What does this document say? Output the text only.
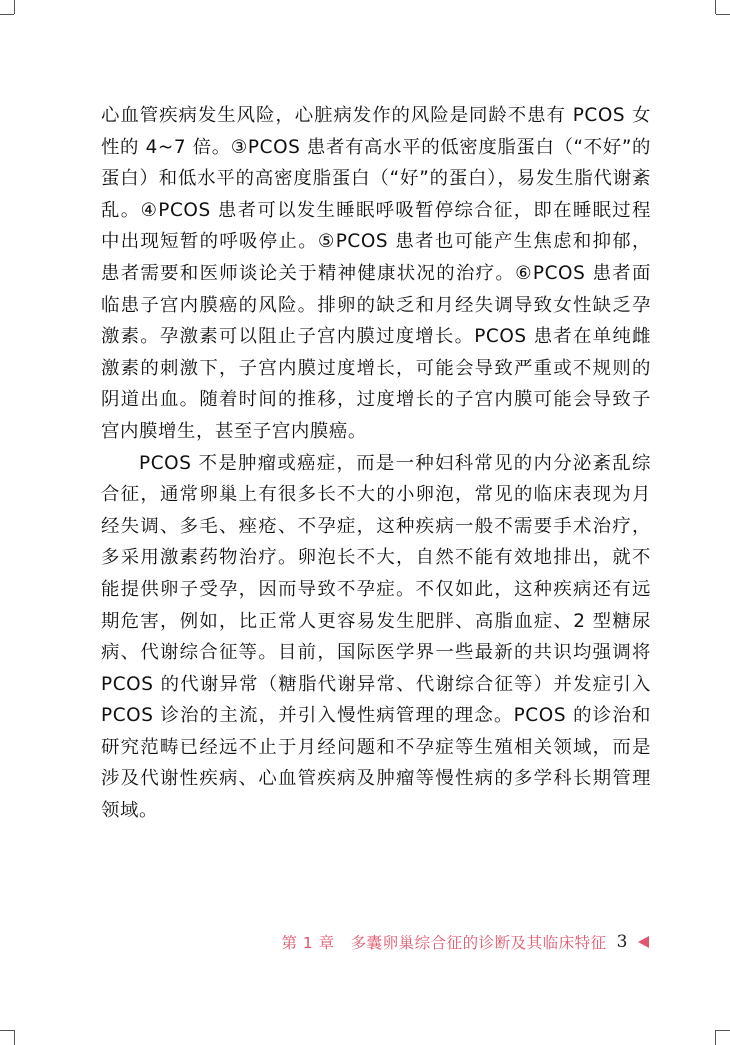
心血管疾病发生风险，心脏病发作的风险是同龄不患有 PCOS 女性的 4~7 倍。③PCOS 患者有高水平的低密度脂蛋白（“不好”的蛋白）和低水平的高密度脂蛋白（“好”的蛋白），易发生脂代谢紊乱。④PCOS 患者可以发生睡眠呼吸暂停综合征，即在睡眠过程中出现短暂的呼吸停止。⑤PCOS 患者也可能产生焦虑和抑郁，患者需要和医师谈论关于精神健康状况的治疗。⑥PCOS 患者面临患子宫内膜癌的风险。排卵的缺乏和月经失调导致女性缺乏孕激素。孕激素可以阻止子宫内膜过度增长。PCOS 患者在单纯雌激素的刺激下，子宫内膜过度增长，可能会导致严重或不规则的阴道出血。随着时间的推移，过度增长的子宫内膜可能会导致子宫内膜增生，甚至子宫内膜癌。

PCOS 不是肿瘤或癌症，而是一种妇科常见的内分泌紊乱综合征，通常卵巢上有很多长不大的小卵泡，常见的临床表现为月经失调、多毛、痤疮、不孕症，这种疾病一般不需要手术治疗，多采用激素药物治疗。卵泡长不大，自然不能有效地排出，就不能提供卵子受孕，因而导致不孕症。不仅如此，这种疾病还有远期危害，例如，比正常人更容易发生肥胖、高脂血症、2 型糖尿病、代谢综合征等。目前，国际医学界一些最新的共识均强调将 PCOS 的代谢异常（糖脂代谢异常、代谢综合征等）并发症引入 PCOS 诊治的主流，并引入慢性病管理的理念。PCOS 的诊治和研究范畴已经远不止于月经问题和不孕症等生殖相关领域，而是涉及代谢性疾病、心血管疾病及肿瘤等慢性病的多学科长期管理领域。

第 1 章　多囊卵巢综合征的诊断及其临床特征 3
